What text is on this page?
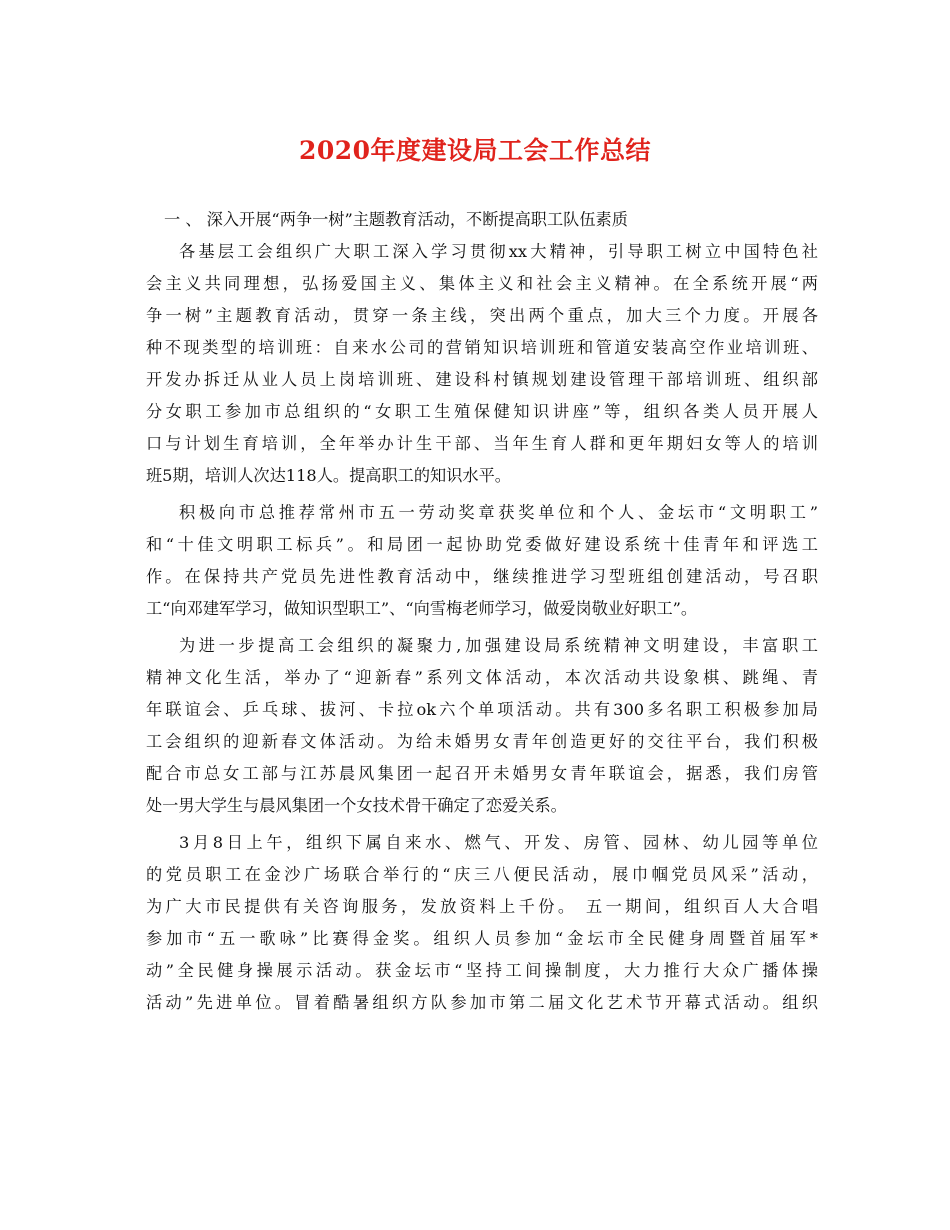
2020年度建设局工会工作总结
一 、 深入开展“两争一树”主题教育活动，不断提高职工队伍素质
各基层工会组织广大职工深入学习贯彻xx大精神，引导职工树立中国特色社
会主义共同理想，弘扬爱国主义、集体主义和社会主义精神。在全系统开展“两
争一树”主题教育活动，贯穿一条主线，突出两个重点，加大三个力度。开展各
种不现类型的培训班：自来水公司的营销知识培训班和管道安装高空作业培训班、
开发办拆迁从业人员上岗培训班、建设科村镇规划建设管理干部培训班、组织部
分女职工参加市总组织的“女职工生殖保健知识讲座”等，组织各类人员开展人
口与计划生育培训，全年举办计生干部、当年生育人群和更年期妇女等人的培训
班5期，培训人次达118人。提高职工的知识水平。
积极向市总推荐常州市五一劳动奖章获奖单位和个人、金坛市“文明职工”
和“十佳文明职工标兵”。和局团一起协助党委做好建设系统十佳青年和评选工
作。在保持共产党员先进性教育活动中，继续推进学习型班组创建活动，号召职
工“向邓建军学习，做知识型职工”、“向雪梅老师学习，做爱岗敬业好职工”。
为进一步提高工会组织的凝聚力,加强建设局系统精神文明建设，丰富职工
精神文化生活，举办了“迎新春”系列文体活动，本次活动共设象棋、跳绳、青
年联谊会、乒乓球、拔河、卡拉ok六个单项活动。共有300多名职工积极参加局
工会组织的迎新春文体活动。为给未婚男女青年创造更好的交往平台，我们积极
配合市总女工部与江苏晨风集团一起召开未婚男女青年联谊会，据悉，我们房管
处一男大学生与晨风集团一个女技术骨干确定了恋爱关系。
3月8日上午，组织下属自来水、燃气、开发、房管、园林、幼儿园等单位
的党员职工在金沙广场联合举行的“庆三八便民活动，展巾帼党员风采”活动，
为广大市民提供有关咨询服务，发放资料上千份。 五一期间，组织百人大合唱
参加市“五一歌咏”比赛得金奖。组织人员参加“金坛市全民健身周暨首届军*
动”全民健身操展示活动。获金坛市“坚持工间操制度，大力推行大众广播体操
活动”先进单位。冒着酷暑组织方队参加市第二届文化艺术节开幕式活动。组织
